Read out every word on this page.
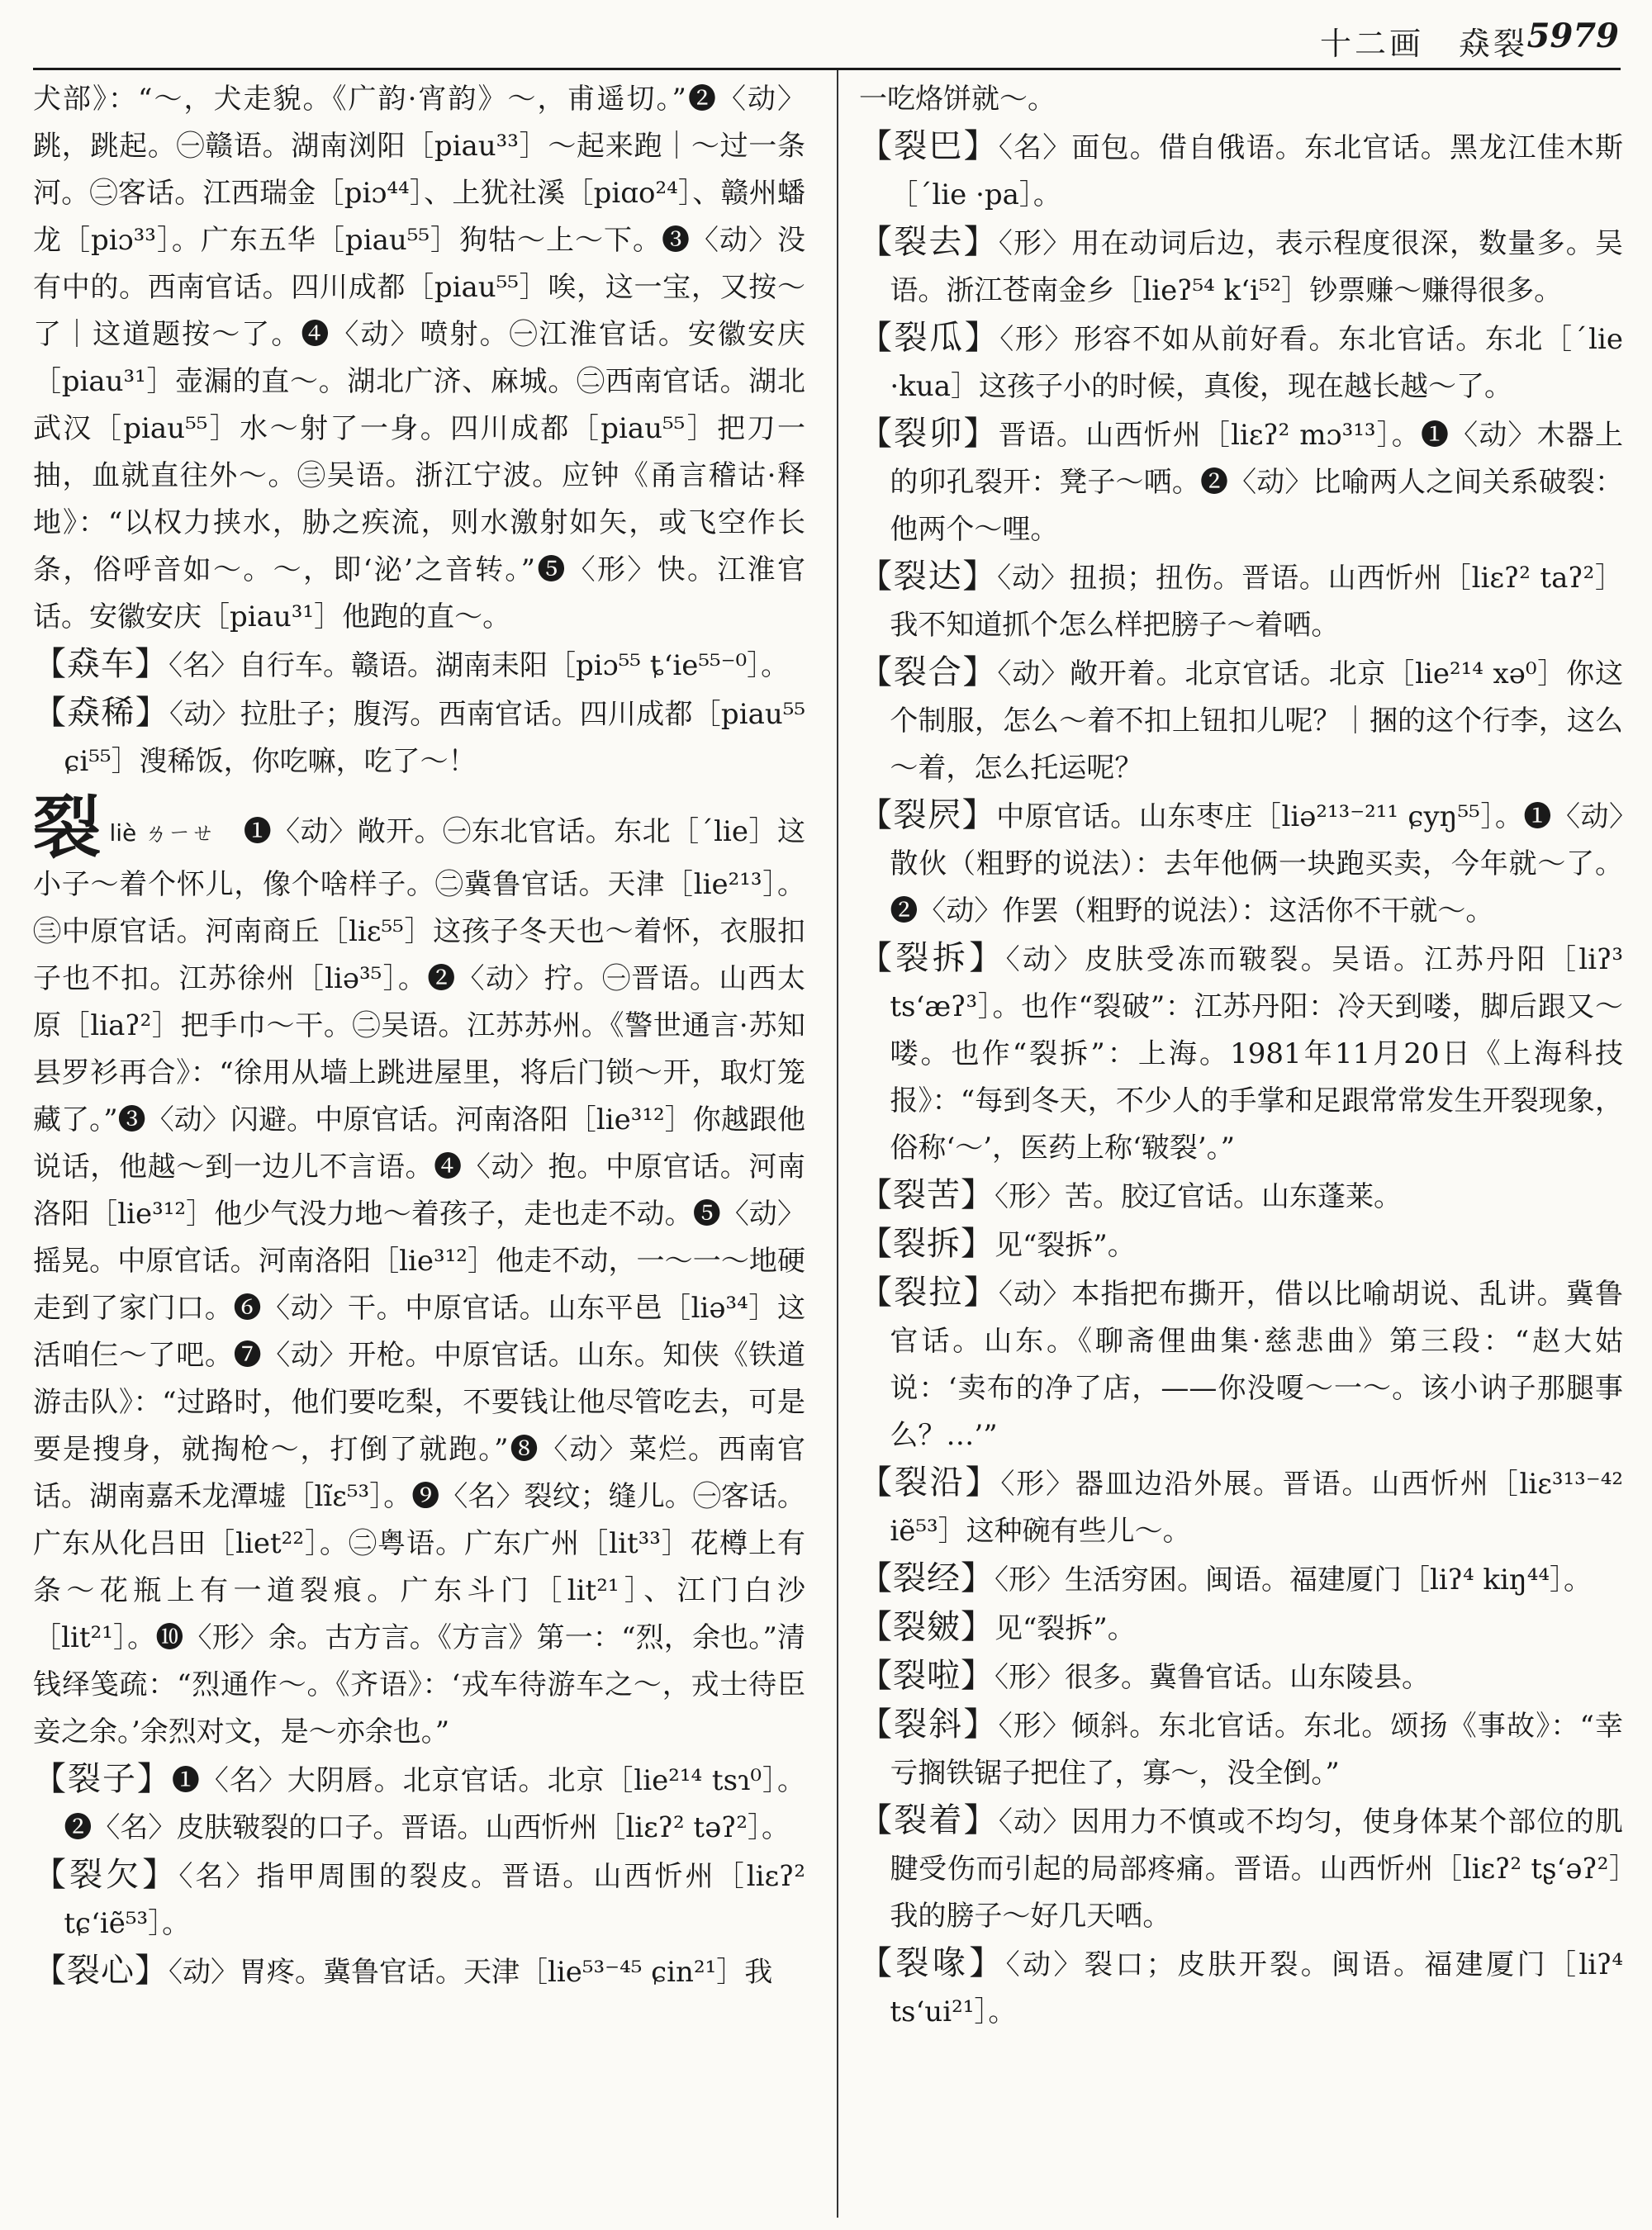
十二画　猋裂
5979

犬部》：“～，犬走貌。《广韵·宵韵》～，甫遥切。”❷〈动〉跳，跳起。㊀赣语。湖南浏阳［piau³³］～起来跑｜～过一条河。㊁客话。江西瑞金［piɔ⁴⁴］、上犹社溪［piɑo²⁴］、赣州蟠龙［piɔ³³］。广东五华［piau⁵⁵］狗牯～上～下。❸〈动〉没有中的。西南官话。四川成都［piau⁵⁵］唉，这一宝，又按～了｜这道题按～了。❹〈动〉喷射。㊀江淮官话。安徽安庆［piau³¹］壶漏的直～。湖北广济、麻城。㊁西南官话。湖北武汉［piau⁵⁵］水～射了一身。四川成都［piau⁵⁵］把刀一抽，血就直往外～。㊂吴语。浙江宁波。应钟《甬言稽诂·释地》：“以权力挟水，胁之疾流，则水激射如矢，或飞空作长条，俗呼音如～。～，即‘泌’之音转。”❺〈形〉快。江淮官话。安徽安庆［piau³¹］他跑的直～。

【猋车】〈名〉自行车。赣语。湖南耒阳［piɔ⁵⁵ ȶʻie⁵⁵⁻⁰］。

【猋稀】〈动〉拉肚子；腹泻。西南官话。四川成都［piau⁵⁵ ɕi⁵⁵］溲稀饭，你吃嘛，吃了～！

裂liè ㄌㄧㄝ　 ❶〈动〉敞开。㊀东北官话。东北［ˊlie］这小子～着个怀儿，像个啥样子。㊁冀鲁官话。天津［lie²¹³］。㊂中原官话。河南商丘［liɛ⁵⁵］这孩子冬天也～着怀，衣服扣子也不扣。江苏徐州［liə³⁵］。❷〈动〉拧。㊀晋语。山西太原［liaʔ²］把手巾～干。㊁吴语。江苏苏州。《警世通言·苏知县罗衫再合》：“徐用从墙上跳进屋里，将后门锁～开，取灯笼藏了。”❸〈动〉闪避。中原官话。河南洛阳［lie³¹²］你越跟他说话，他越～到一边儿不言语。❹〈动〉抱。中原官话。河南洛阳［lie³¹²］他少气没力地～着孩子，走也走不动。❺〈动〉摇晃。中原官话。河南洛阳［lie³¹²］他走不动，一～一～地硬走到了家门口。❻〈动〉干。中原官话。山东平邑［liə³⁴］这活咱仨～了吧。❼〈动〉开枪。中原官话。山东。知侠《铁道游击队》：“过路时，他们要吃梨，不要钱让他尽管吃去，可是要是搜身，就掏枪～，打倒了就跑。”❽〈动〉菜烂。西南官话。湖南嘉禾龙潭墟［lĩɛ⁵³］。❾〈名〉裂纹；缝儿。㊀客话。广东从化吕田［liet²²］。㊁粤语。广东广州［lit³³］花樽上有条～花瓶上有一道裂痕。广东斗门［lit²¹］、江门白沙［lit²¹］。❿〈形〉余。古方言。《方言》第一：“烈，余也。”清钱绎笺疏：“烈通作～。《齐语》：‘戎车待游车之～，戎士待臣妾之余。’余烈对文，是～亦余也。”

【裂子】❶〈名〉大阴唇。北京官话。北京［lie²¹⁴ tsɿ⁰］。❷〈名〉皮肤皲裂的口子。晋语。山西忻州［liɛʔ² təʔ²］。

【裂欠】〈名〉指甲周围的裂皮。晋语。山西忻州［liɛʔ² tɕʻiẽ⁵³］。

【裂心】〈动〉胃疼。冀鲁官话。天津［lie⁵³⁻⁴⁵ ɕin²¹］我

一吃烙饼就～。

【裂巴】〈名〉面包。借自俄语。东北官话。黑龙江佳木斯［ˊlie ·pa］。

【裂去】〈形〉用在动词后边，表示程度很深，数量多。吴语。浙江苍南金乡［lieʔ⁵⁴ kʻi⁵²］钞票赚～赚得很多。

【裂瓜】〈形〉形容不如从前好看。东北官话。东北［ˊlie ·kua］这孩子小的时候，真俊，现在越长越～了。

【裂卯】晋语。山西忻州［liɛʔ² mɔ³¹³］。❶〈动〉木器上的卯孔裂开：凳子～哂。❷〈动〉比喻两人之间关系破裂：他两个～哩。

【裂达】〈动〉扭损；扭伤。晋语。山西忻州［liɛʔ² taʔ²］我不知道抓个怎么样把膀子～着哂。

【裂合】〈动〉敞开着。北京官话。北京［lie²¹⁴ xə⁰］你这个制服，怎么～着不扣上钮扣儿呢？｜捆的这个行李，这么～着，怎么托运呢？

【裂屄】中原官话。山东枣庄［liə²¹³⁻²¹¹ ɕyŋ⁵⁵］。❶〈动〉散伙（粗野的说法）：去年他俩一块跑买卖，今年就～了。❷〈动〉作罢（粗野的说法）：这活你不干就～。

【裂拆】〈动〉皮肤受冻而皲裂。吴语。江苏丹阳［liʔ³ tsʻæʔ³］。也作“裂破”：江苏丹阳：冷天到喽，脚后跟又～喽。也作“裂拆”：上海。1981年11月20日《上海科技报》：“每到冬天，不少人的手掌和足跟常常发生开裂现象，俗称‘～’，医药上称‘皲裂’。”

【裂苦】〈形〉苦。胶辽官话。山东蓬莱。

【裂拆】见“裂拆”。

【裂拉】〈动〉本指把布撕开，借以比喻胡说、乱讲。冀鲁官话。山东。《聊斋俚曲集·慈悲曲》第三段：“赵大姑说：‘卖布的净了店，——你没嗄～一～。该小讷子那腿事么？…’”

【裂沿】〈形〉器皿边沿外展。晋语。山西忻州［liɛ³¹³⁻⁴² iẽ⁵³］这种碗有些儿～。

【裂经】〈形〉生活穷困。闽语。福建厦门［liʔ⁴ kiŋ⁴⁴］。

【裂皴】见“裂拆”。

【裂啦】〈形〉很多。冀鲁官话。山东陵县。

【裂斜】〈形〉倾斜。东北官话。东北。颂扬《事故》：“幸亏搁铁锯子把住了，寡～，没全倒。”

【裂着】〈动〉因用力不慎或不均匀，使身体某个部位的肌腱受伤而引起的局部疼痛。晋语。山西忻州［liɛʔ² tʂʻəʔ²］我的膀子～好几天哂。

【裂喙】〈动〉裂口；皮肤开裂。闽语。福建厦门［liʔ⁴ tsʻui²¹］。
